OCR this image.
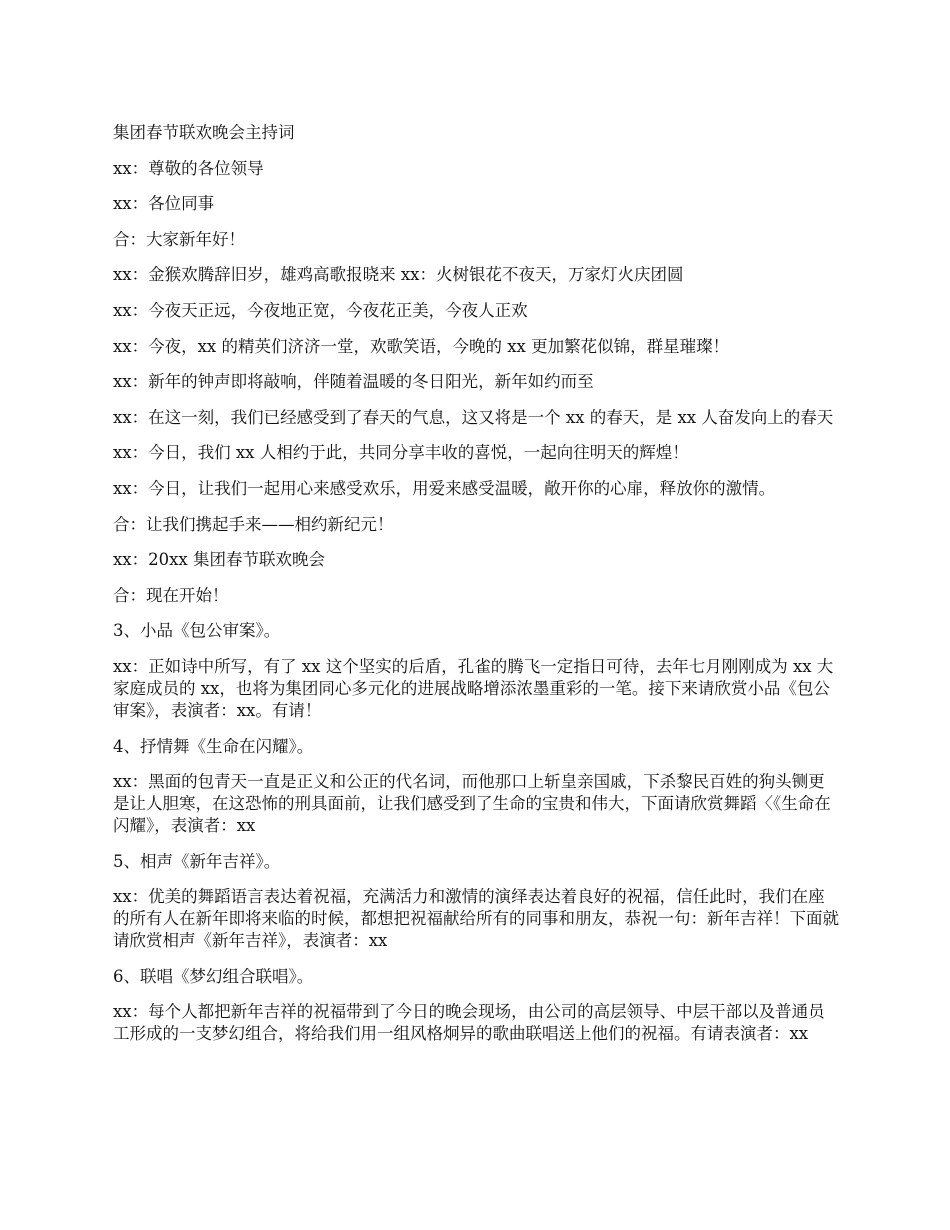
集团春节联欢晚会主持词

xx：尊敬的各位领导

xx：各位同事

合：大家新年好！

xx：金猴欢腾辞旧岁，雄鸡高歌报晓来 xx：火树银花不夜天，万家灯火庆团圆

xx：今夜天正远，今夜地正宽，今夜花正美，今夜人正欢

xx：今夜，xx 的精英们济济一堂，欢歌笑语，今晚的 xx 更加繁花似锦，群星璀璨！

xx：新年的钟声即将敲响，伴随着温暖的冬日阳光，新年如约而至

xx：在这一刻，我们已经感受到了春天的气息，这又将是一个 xx 的春天，是 xx 人奋发向上的春天

xx：今日，我们 xx 人相约于此，共同分享丰收的喜悦，一起向往明天的辉煌！

xx：今日，让我们一起用心来感受欢乐，用爱来感受温暖，敞开你的心扉，释放你的激情。

合：让我们携起手来——相约新纪元！

xx：20xx 集团春节联欢晚会

合：现在开始！

3、小品《包公审案》。

xx：正如诗中所写，有了 xx 这个坚实的后盾，孔雀的腾飞一定指日可待，去年七月刚刚成为 xx 大家庭成员的 xx，也将为集团同心多元化的进展战略增添浓墨重彩的一笔。接下来请欣赏小品《包公审案》，表演者：xx。有请！

4、抒情舞《生命在闪耀》。

xx：黑面的包青天一直是正义和公正的代名词，而他那口上斩皇亲国戚，下杀黎民百姓的狗头铡更是让人胆寒，在这恐怖的刑具面前，让我们感受到了生命的宝贵和伟大，下面请欣赏舞蹈〈《生命在闪耀》，表演者：xx

5、相声《新年吉祥》。

xx：优美的舞蹈语言表达着祝福，充满活力和激情的演绎表达着良好的祝福，信任此时，我们在座的所有人在新年即将来临的时候，都想把祝福献给所有的同事和朋友，恭祝一句：新年吉祥！下面就请欣赏相声《新年吉祥》，表演者：xx

6、联唱《梦幻组合联唱》。

xx：每个人都把新年吉祥的祝福带到了今日的晚会现场，由公司的高层领导、中层干部以及普通员工形成的一支梦幻组合，将给我们用一组风格炯异的歌曲联唱送上他们的祝福。有请表演者：xx
